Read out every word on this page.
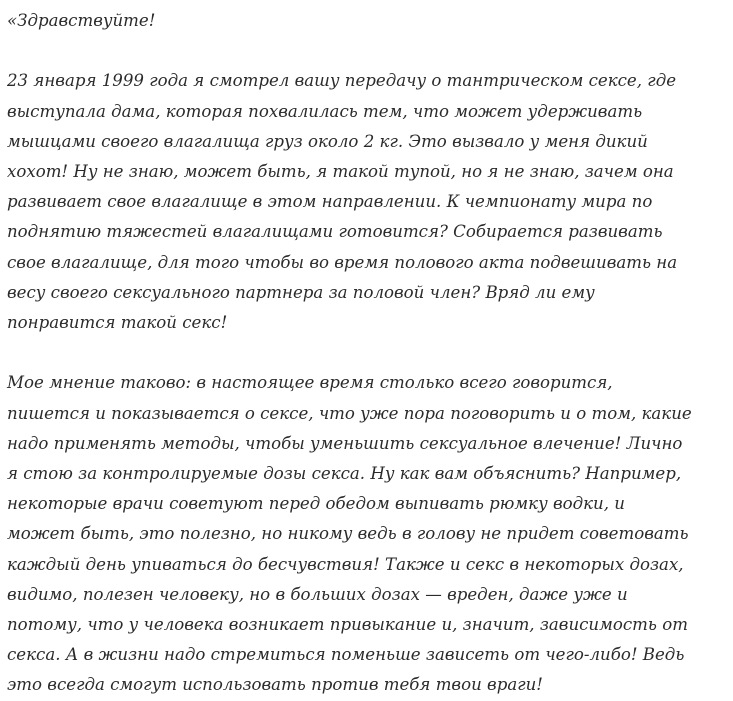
«Здравствуйте!

23 января 1999 года я смотрел вашу передачу о тантрическом сексе, где выступала дама, которая похвалилась тем, что может удерживать мышцами своего влагалища груз около 2 кг. Это вызвало у меня дикий хохот! Ну не знаю, может быть, я такой тупой, но я не знаю, зачем она развивает свое влагалище в этом направлении. К чемпионату мира по поднятию тяжестей влагалищами готовится? Собирается развивать свое влагалище, для того чтобы во время полового акта подвешивать на весу своего сексуального партнера за половой член? Вряд ли ему понравится такой секс!

Мое мнение таково: в настоящее время столько всего говорится, пишется и показывается о сексе, что уже пора поговорить и о том, какие надо применять методы, чтобы уменьшить сексуальное влечение! Лично я стою за контролируемые дозы секса. Ну как вам объяснить? Например, некоторые врачи советуют перед обедом выпивать рюмку водки, и может быть, это полезно, но никому ведь в голову не придет советовать каждый день упиваться до бесчувствия! Также и секс в некоторых дозах, видимо, полезен человеку, но в больших дозах — вреден, даже уже и потому, что у человека возникает привыкание и, значит, зависимость от секса. А в жизни надо стремиться поменьше зависеть от чего-либо! Ведь это всегда смогут использовать против тебя твои враги!
